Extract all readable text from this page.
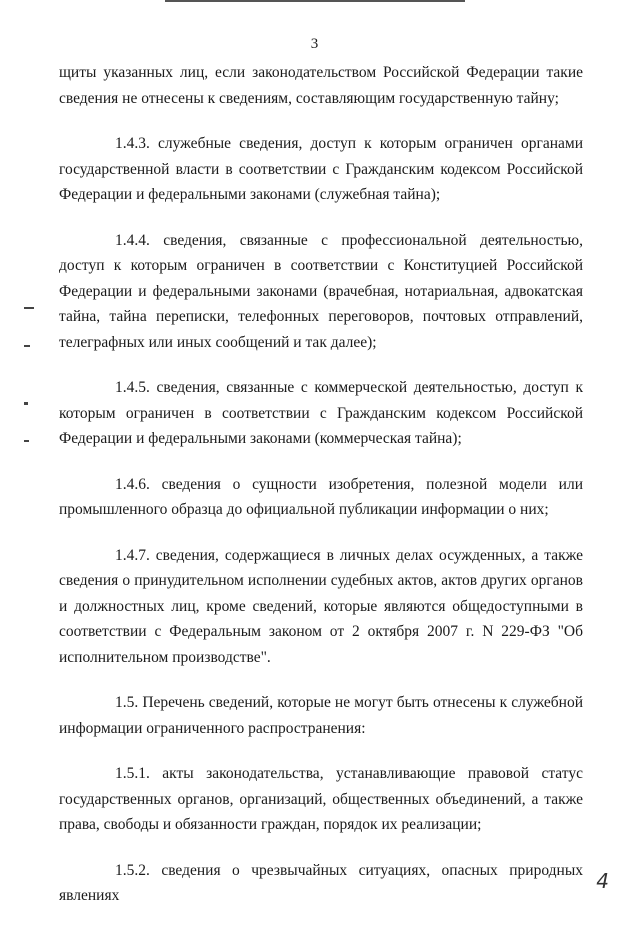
3

щиты указанных лиц, если законодательством Российской Федерации такие сведения не отнесены к сведениям, составляющим государственную тайну;

1.4.3. служебные сведения, доступ к которым ограничен органами государственной власти в соответствии с Гражданским кодексом Российской Федерации и федеральными законами (служебная тайна);

1.4.4. сведения, связанные с профессиональной деятельностью, доступ к которым ограничен в соответствии с Конституцией Российской Федерации и федеральными законами (врачебная, нотариальная, адвокатская тайна, тайна переписки, телефонных переговоров, почтовых отправлений, телеграфных или иных сообщений и так далее);

1.4.5. сведения, связанные с коммерческой деятельностью, доступ к которым ограничен в соответствии с Гражданским кодексом Российской Федерации и федеральными законами (коммерческая тайна);

1.4.6. сведения о сущности изобретения, полезной модели или промышленного образца до официальной публикации информации о них;

1.4.7. сведения, содержащиеся в личных делах осужденных, а также сведения о принудительном исполнении судебных актов, актов других органов и должностных лиц, кроме сведений, которые являются общедоступными в соответствии с Федеральным законом от 2 октября 2007 г. N 229-ФЗ "Об исполнительном производстве".

1.5. Перечень сведений, которые не могут быть отнесены к служебной информации ограниченного распространения:

1.5.1. акты законодательства, устанавливающие правовой статус государственных органов, организаций, общественных объединений, а также права, свободы и обязанности граждан, порядок их реализации;

1.5.2. сведения о чрезвычайных ситуациях, опасных природных явлениях

4
